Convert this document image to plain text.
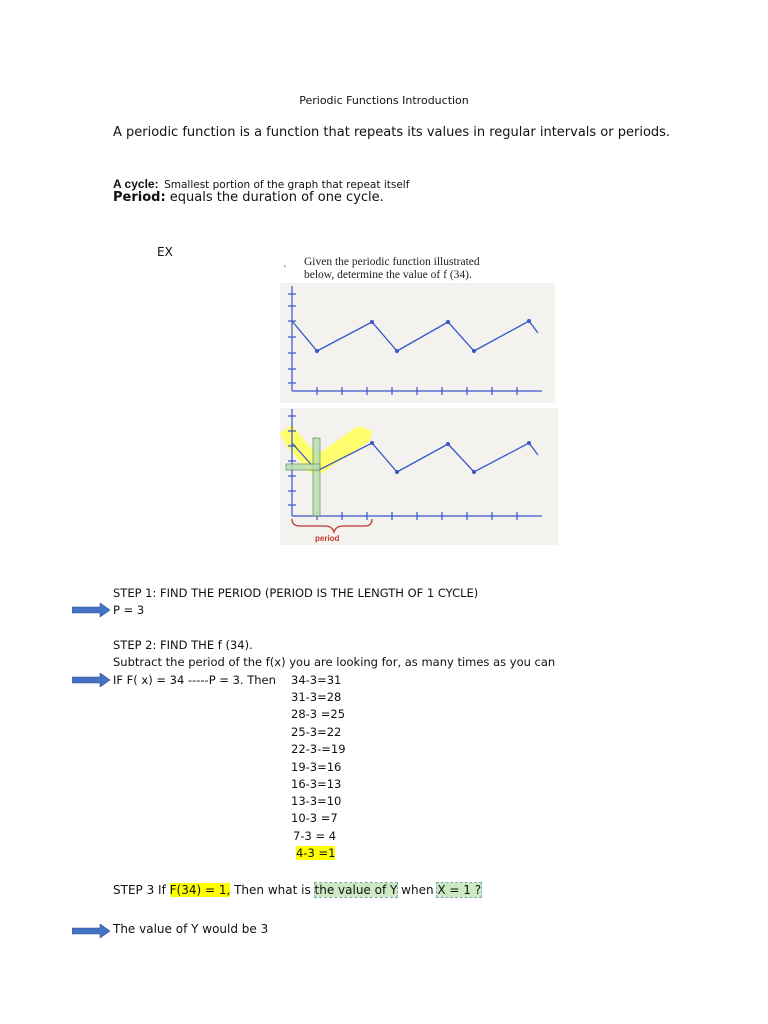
Periodic Functions Introduction
A periodic function is a function that repeats its values in regular intervals or periods.
A cycle: Smallest portion of the graph that repeat itself
Period: equals the duration of one cycle.
EX
. Given the periodic function illustrated
below, determine the value of f (34).
period
STEP 1: FIND THE PERIOD (PERIOD IS THE LENGTH OF 1 CYCLE)
P = 3
STEP 2: FIND THE f (34).
Subtract the period of the f(x) you are looking for, as many times as you can
IF F( x) = 34 -----P = 3. Then 34-3=31
31-3=28
28-3 =25
25-3=22
22-3-=19
19-3=16
16-3=13
13-3=10
10-3 =7
7-3 = 4
4-3 =1
STEP 3 If F(34) = 1, Then what is the value of Y when X = 1 ?
The value of Y would be 3
